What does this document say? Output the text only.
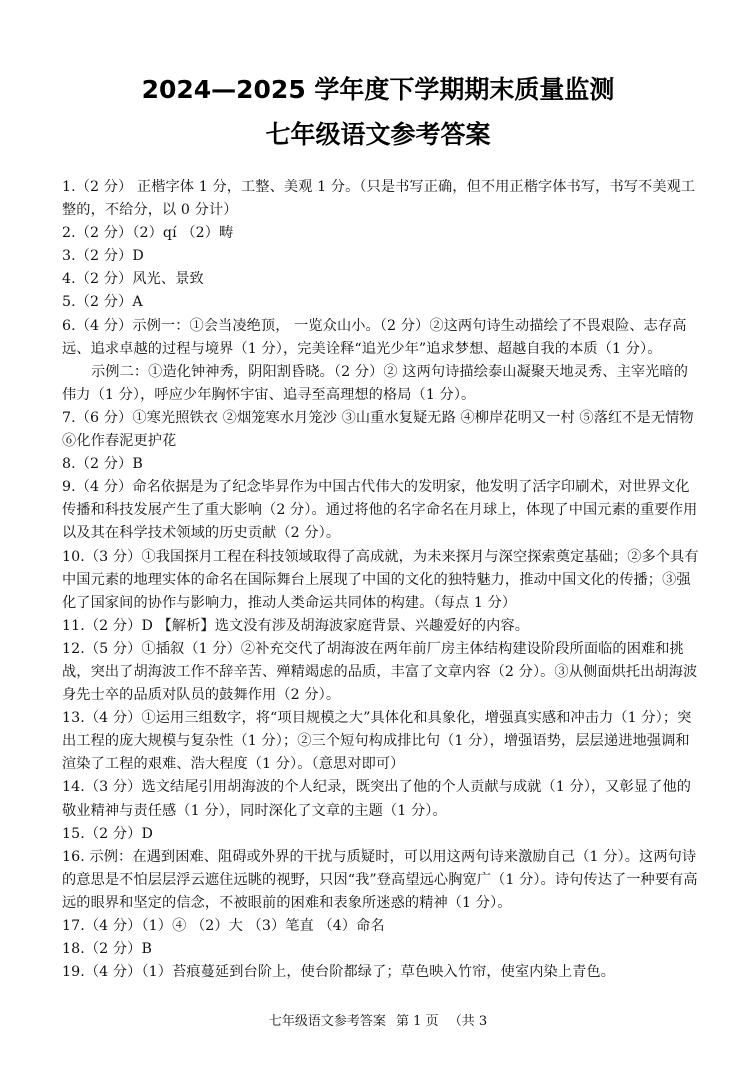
2024—2025 学年度下学期期末质量监测
七年级语文参考答案

1.（2 分） 正楷字体 1 分，工整、美观 1 分。（只是书写正确，但不用正楷字体书写，书写不美观工整的，不给分，以 0 分计）

2.（2 分）（2）qí （2）畴

3.（2 分）D

4.（2 分）风光、景致

5.（2 分）A

6.（4 分）示例一：①会当凌绝顶， 一览众山小。（2 分）②这两句诗生动描绘了不畏艰险、志存高远、追求卓越的过程与境界（1 分），完美诠释“追光少年”追求梦想、超越自我的本质（1 分）。

示例二：①造化钟神秀，阴阳割昏晓。（2 分）② 这两句诗描绘泰山凝聚天地灵秀、主宰光暗的伟力（1 分），呼应少年胸怀宇宙、追寻至高理想的格局（1 分）。

7.（6 分）①寒光照铁衣 ②烟笼寒水月笼沙 ③山重水复疑无路 ④柳岸花明又一村 ⑤落红不是无情物 ⑥化作春泥更护花

8.（2 分）B

9.（4 分）命名依据是为了纪念毕昇作为中国古代伟大的发明家，他发明了活字印刷术，对世界文化传播和科技发展产生了重大影响（2 分）。通过将他的名字命名在月球上，体现了中国元素的重要作用以及其在科学技术领域的历史贡献（2 分）。

10.（3 分）①我国探月工程在科技领域取得了高成就，为未来探月与深空探索奠定基础；②多个具有中国元素的地理实体的命名在国际舞台上展现了中国的文化的独特魅力，推动中国文化的传播；③强化了国家间的协作与影响力，推动人类命运共同体的构建。（每点 1 分）

11.（2 分）D 【解析】选文没有涉及胡海波家庭背景、兴趣爱好的内容。

12.（5 分）①插叙（1 分）②补充交代了胡海波在两年前厂房主体结构建设阶段所面临的困难和挑战，突出了胡海波工作不辞辛苦、殚精竭虑的品质，丰富了文章内容（2 分）。③从侧面烘托出胡海波身先士卒的品质对队员的鼓舞作用（2 分）。

13.（4 分）①运用三组数字，将“项目规模之大”具体化和具象化，增强真实感和冲击力（1 分）；突出工程的庞大规模与复杂性（1 分）；②三个短句构成排比句（1 分），增强语势，层层递进地强调和渲染了工程的艰难、浩大程度（1 分）。（意思对即可）

14.（3 分）选文结尾引用胡海波的个人纪录，既突出了他的个人贡献与成就（1 分），又彰显了他的敬业精神与责任感（1 分），同时深化了文章的主题（1 分）。

15.（2 分）D

16. 示例：在遇到困难、阻碍或外界的干扰与质疑时，可以用这两句诗来激励自己（1 分）。这两句诗的意思是不怕层层浮云遮住远眺的视野，只因“我”登高望远心胸宽广（1 分）。诗句传达了一种要有高远的眼界和坚定的信念，不被眼前的困难和表象所迷惑的精神（1 分）。

17.（4 分）（1）④ （2）大 （3）笔直 （4）命名

18.（2 分）B

19.（4 分）（1）苔痕蔓延到台阶上，使台阶都绿了；草色映入竹帘，使室内染上青色。

七年级语文参考答案 第 1 页 （共 3
